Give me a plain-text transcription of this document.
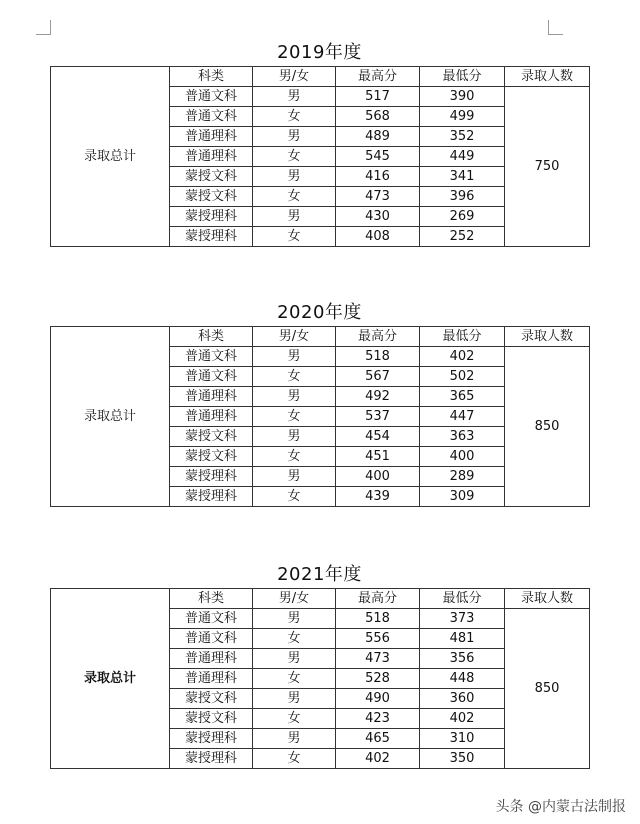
2019年度
录取总计	科类	男/女	最高分	最低分	录取人数
	普通文科	男	517	390	750
	普通文科	女	568	499	
	普通理科	男	489	352	
	普通理科	女	545	449	
	蒙授文科	男	416	341	
	蒙授文科	女	473	396	
	蒙授理科	男	430	269	
	蒙授理科	女	408	252	
2020年度
录取总计	科类	男/女	最高分	最低分	录取人数
	普通文科	男	518	402	850
	普通文科	女	567	502	
	普通理科	男	492	365	
	普通理科	女	537	447	
	蒙授文科	男	454	363	
	蒙授文科	女	451	400	
	蒙授理科	男	400	289	
	蒙授理科	女	439	309	
2021年度
录取总计	科类	男/女	最高分	最低分	录取人数
	普通文科	男	518	373	850
	普通文科	女	556	481	
	普通理科	男	473	356	
	普通理科	女	528	448	
	蒙授文科	男	490	360	
	蒙授文科	女	423	402	
	蒙授理科	男	465	310	
	蒙授理科	女	402	350	
头条 @内蒙古法制报
